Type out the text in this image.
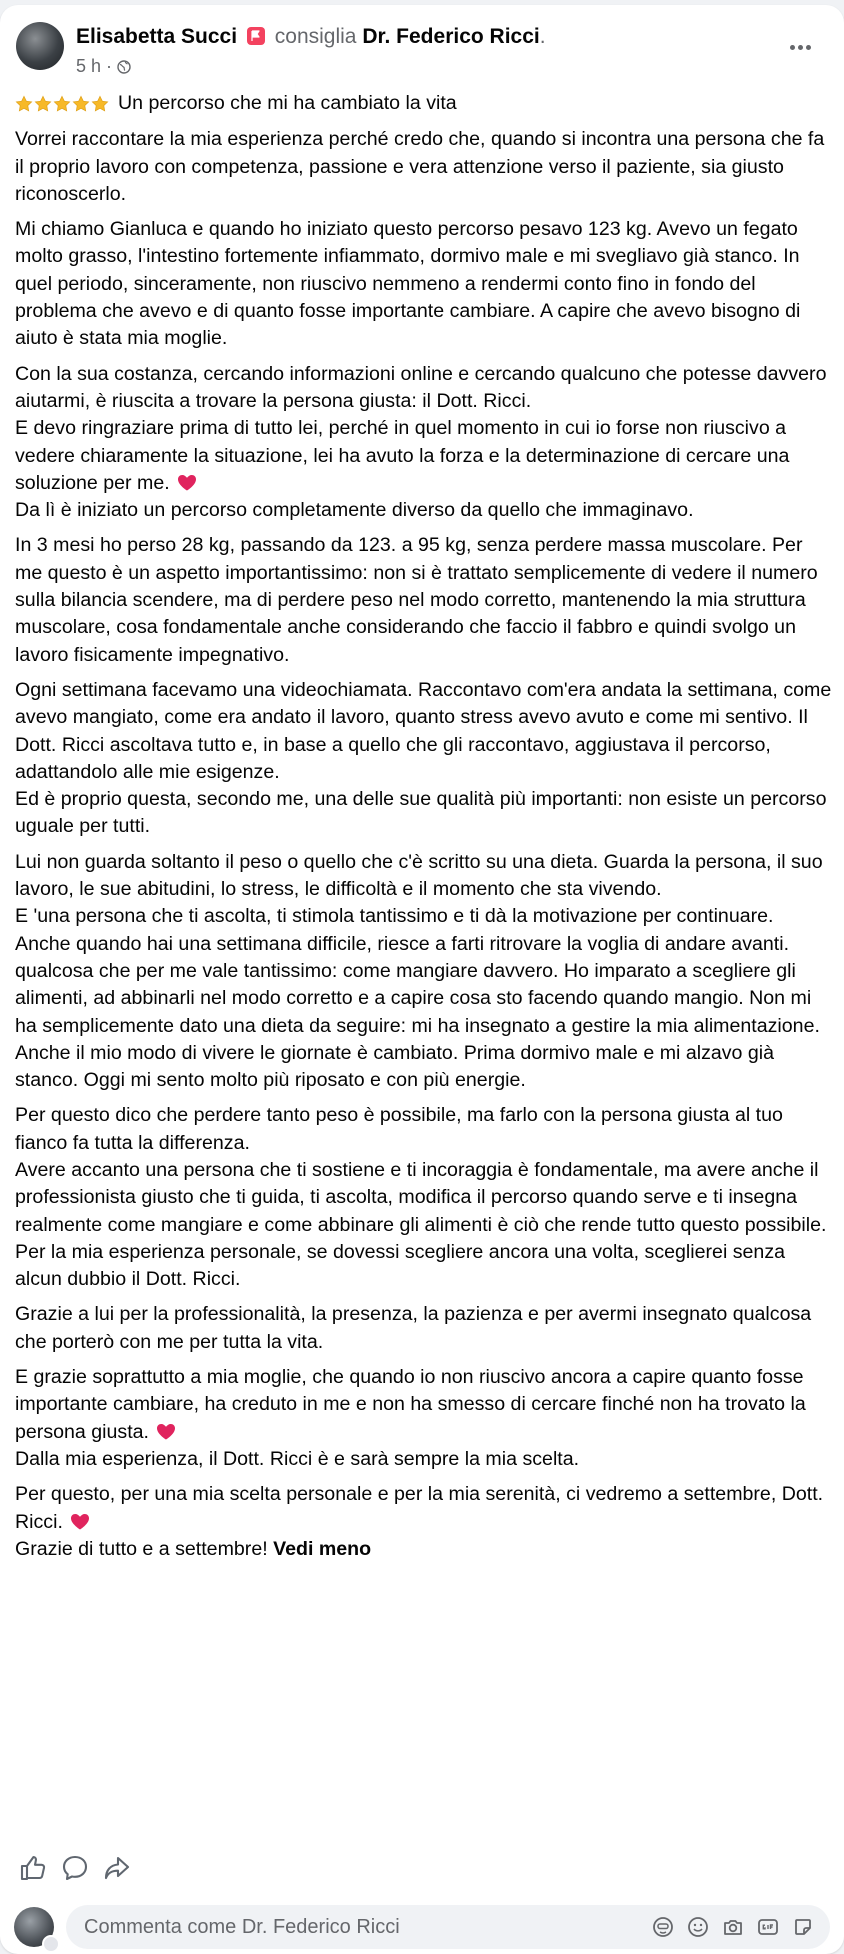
Elisabetta Succi consiglia Dr. Federico Ricci.
5 h ·
Un percorso che mi ha cambiato la vita

Vorrei raccontare la mia esperienza perché credo che, quando si incontra una persona che fa il proprio lavoro con competenza, passione e vera attenzione verso il paziente, sia giusto riconoscerlo.

Mi chiamo Gianluca e quando ho iniziato questo percorso pesavo 123 kg. Avevo un fegato molto grasso, l'intestino fortemente infiammato, dormivo male e mi svegliavo già stanco. In quel periodo, sinceramente, non riuscivo nemmeno a rendermi conto fino in fondo del problema che avevo e di quanto fosse importante cambiare. A capire che avevo bisogno di aiuto è stata mia moglie.

Con la sua costanza, cercando informazioni online e cercando qualcuno che potesse davvero aiutarmi, è riuscita a trovare la persona giusta: il Dott. Ricci.
E devo ringraziare prima di tutto lei, perché in quel momento in cui io forse non riuscivo a vedere chiaramente la situazione, lei ha avuto la forza e la determinazione di cercare una soluzione per me.

Da lì è iniziato un percorso completamente diverso da quello che immaginavo.

In 3 mesi ho perso 28 kg, passando da 123. a 95 kg, senza perdere massa muscolare. Per me questo è un aspetto importantissimo: non si è trattato semplicemente di vedere il numero sulla bilancia scendere, ma di perdere peso nel modo corretto, mantenendo la mia struttura muscolare, cosa fondamentale anche considerando che faccio il fabbro e quindi svolgo un lavoro fisicamente impegnativo.

Ogni settimana facevamo una videochiamata. Raccontavo com'era andata la settimana, come avevo mangiato, come era andato il lavoro, quanto stress avevo avuto e come mi sentivo. Il Dott. Ricci ascoltava tutto e, in base a quello che gli raccontavo, aggiustava il percorso, adattandolo alle mie esigenze.
Ed è proprio questa, secondo me, una delle sue qualità più importanti: non esiste un percorso uguale per tutti.

Lui non guarda soltanto il peso o quello che c'è scritto su una dieta. Guarda la persona, il suo lavoro, le sue abitudini, lo stress, le difficoltà e il momento che sta vivendo.
E 'una persona che ti ascolta, ti stimola tantissimo e ti dà la motivazione per continuare. Anche quando hai una settimana difficile, riesce a farti ritrovare la voglia di andare avanti.
qualcosa che per me vale tantissimo: come mangiare davvero. Ho imparato a scegliere gli alimenti, ad abbinarli nel modo corretto e a capire cosa sto facendo quando mangio. Non mi ha semplicemente dato una dieta da seguire: mi ha insegnato a gestire la mia alimentazione.
Anche il mio modo di vivere le giornate è cambiato. Prima dormivo male e mi alzavo già stanco. Oggi mi sento molto più riposato e con più energie.

Per questo dico che perdere tanto peso è possibile, ma farlo con la persona giusta al tuo fianco fa tutta la differenza.
Avere accanto una persona che ti sostiene e ti incoraggia è fondamentale, ma avere anche il professionista giusto che ti guida, ti ascolta, modifica il percorso quando serve e ti insegna realmente come mangiare e come abbinare gli alimenti è ciò che rende tutto questo possibile.
Per la mia esperienza personale, se dovessi scegliere ancora una volta, sceglierei senza alcun dubbio il Dott. Ricci.

Grazie a lui per la professionalità, la presenza, la pazienza e per avermi insegnato qualcosa che porterò con me per tutta la vita.

E grazie soprattutto a mia moglie, che quando io non riuscivo ancora a capire quanto fosse importante cambiare, ha creduto in me e non ha smesso di cercare finché non ha trovato la persona giusta.

Dalla mia esperienza, il Dott. Ricci è e sarà sempre la mia scelta.

Per questo, per una mia scelta personale e per la mia serenità, ci vedremo a settembre, Dott. Ricci.

Grazie di tutto e a settembre! Vedi meno

Commenta come Dr. Federico Ricci
